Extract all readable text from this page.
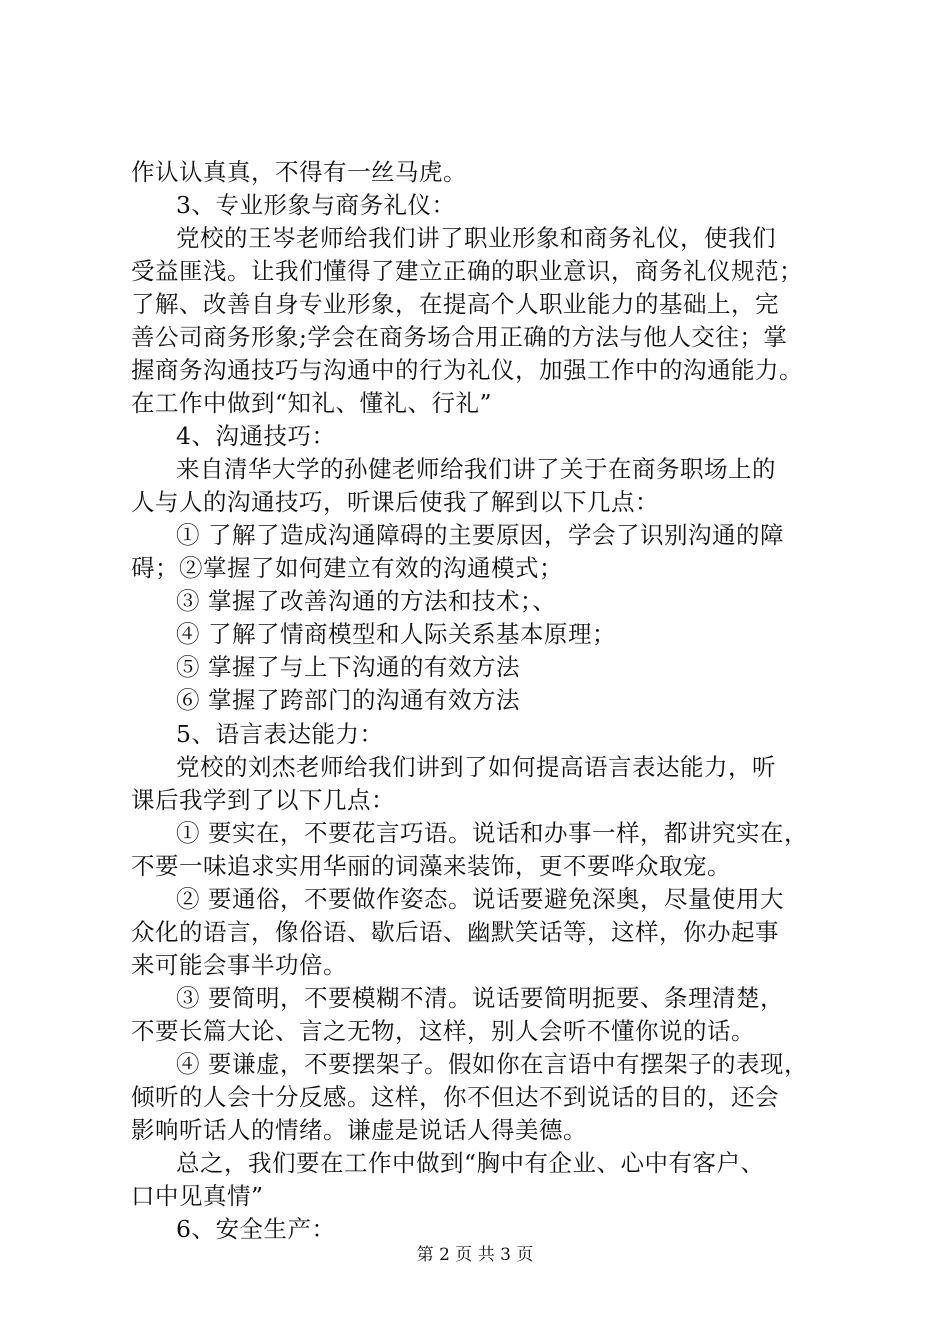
作认认真真，不得有一丝马虎。
3、专业形象与商务礼仪：
党校的王岑老师给我们讲了职业形象和商务礼仪，使我们
受益匪浅。让我们懂得了建立正确的职业意识，商务礼仪规范；
了解、改善自身专业形象，在提高个人职业能力的基础上，完
善公司商务形象;学会在商务场合用正确的方法与他人交往；掌
握商务沟通技巧与沟通中的行为礼仪，加强工作中的沟通能力。
在工作中做到“知礼、懂礼、行礼”
4、沟通技巧：
来自清华大学的孙健老师给我们讲了关于在商务职场上的
人与人的沟通技巧，听课后使我了解到以下几点：
① 了解了造成沟通障碍的主要原因，学会了识别沟通的障
碍；②掌握了如何建立有效的沟通模式；
③ 掌握了改善沟通的方法和技术；、
④ 了解了情商模型和人际关系基本原理；
⑤ 掌握了与上下沟通的有效方法
⑥ 掌握了跨部门的沟通有效方法
5、语言表达能力：
党校的刘杰老师给我们讲到了如何提高语言表达能力，听
课后我学到了以下几点：
① 要实在，不要花言巧语。说话和办事一样，都讲究实在，
不要一味追求实用华丽的词藻来装饰，更不要哗众取宠。
② 要通俗，不要做作姿态。说话要避免深奥，尽量使用大
众化的语言，像俗语、歇后语、幽默笑话等，这样，你办起事
来可能会事半功倍。
③ 要简明，不要模糊不清。说话要简明扼要、条理清楚，
不要长篇大论、言之无物，这样，别人会听不懂你说的话。
④ 要谦虚，不要摆架子。假如你在言语中有摆架子的表现，
倾听的人会十分反感。这样，你不但达不到说话的目的，还会
影响听话人的情绪。谦虚是说话人得美德。
总之，我们要在工作中做到“胸中有企业、心中有客户、
口中见真情”
6、安全生产：
第 2 页 共 3 页
